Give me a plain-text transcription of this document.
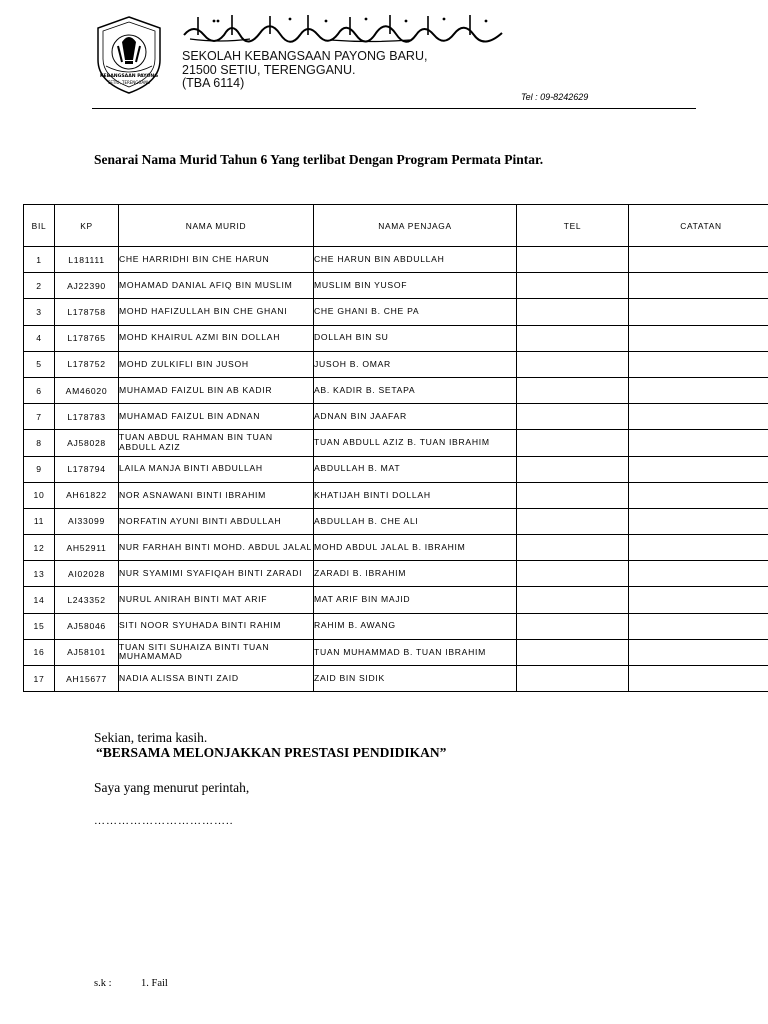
KEBANGSAAN PAYONG
SETIU, TERENGGANU
SEKOLAH KEBANGSAAN PAYONG BARU,
21500 SETIU, TERENGGANU.
(TBA 6114)
Tel : 09-8242629
Senarai Nama Murid Tahun 6 Yang terlibat Dengan Program Permata Pintar.
BIL	KP	NAMA MURID	NAMA PENJAGA	TEL	CATATAN
1	L181111	CHE HARRIDHI BIN CHE HARUN	CHE HARUN BIN ABDULLAH		
2	AJ22390	MOHAMAD DANIAL AFIQ BIN MUSLIM	MUSLIM BIN YUSOF		
3	L178758	MOHD HAFIZULLAH BIN CHE GHANI	CHE GHANI B. CHE PA		
4	L178765	MOHD KHAIRUL AZMI BIN DOLLAH	DOLLAH BIN SU		
5	L178752	MOHD ZULKIFLI BIN JUSOH	JUSOH B. OMAR		
6	AM46020	MUHAMAD FAIZUL BIN AB KADIR	AB. KADIR B. SETAPA		
7	L178783	MUHAMAD FAIZUL BIN ADNAN	ADNAN BIN JAAFAR		
8	AJ58028	TUAN ABDUL RAHMAN BIN TUAN ABDULL AZIZ	TUAN ABDULL AZIZ B. TUAN IBRAHIM		
9	L178794	LAILA MANJA BINTI ABDULLAH	ABDULLAH B. MAT		
10	AH61822	NOR ASNAWANI BINTI IBRAHIM	KHATIJAH BINTI DOLLAH		
11	AI33099	NORFATIN AYUNI BINTI ABDULLAH	ABDULLAH B. CHE ALI		
12	AH52911	NUR FARHAH BINTI MOHD. ABDUL JALAL	MOHD ABDUL JALAL B. IBRAHIM		
13	AI02028	NUR SYAMIMI SYAFIQAH BINTI ZARADI	ZARADI B. IBRAHIM		
14	L243352	NURUL ANIRAH BINTI MAT ARIF	MAT ARIF BIN MAJID		
15	AJ58046	SITI NOOR SYUHADA BINTI RAHIM	RAHIM B. AWANG		
16	AJ58101	TUAN SITI SUHAIZA BINTI TUAN MUHAMAMAD	TUAN MUHAMMAD B. TUAN IBRAHIM		
17	AH15677	NADIA ALISSA BINTI ZAID	ZAID BIN SIDIK		
Sekian, terima kasih.
“BERSAMA MELONJAKKAN PRESTASI PENDIDIKAN”
Saya yang menurut perintah,
……………………………..
s.k :	1. Fail
